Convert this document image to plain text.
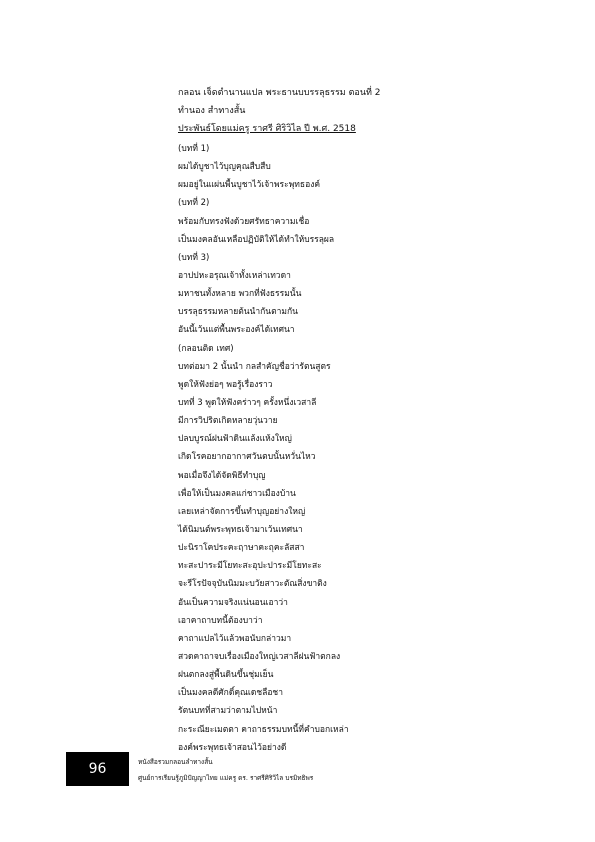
กลอน เจ็ดตำนานแปล พระธานบบรรลุธรรม ตอนที่ 2
ทำนอง สำทางสั้น
ประพันธ์โดยแม่ครู ราศรี ศิริวิไล ปี พ.ศ. 2518
(บทที่ 1)
ผมได้บูชาไว้บุญคุณสืบสืบ
ผมอยู่ในแผ่นพื้นบูชาไว้เจ้าพระพุทธองค์
(บทที่ 2)
พร้อมกับทรงฟังด้วยศรัทธาความเชื่อ
เป็นมงคลอันเหลือปฏิบัติให้ได้ทำให้บรรลุผล
(บทที่ 3)
อาปปหะอรุณเจ้าทั้งเหล่าเทวดา
มหาชนทั้งหลาย พวกที่ฟังธรรมนั้น
บรรลุธรรมหลายต้นนำกันตามกัน
อันนี้เว้นแต่พื้นพระองค์ได้เทศนา
(กลอนติด เทศ)
บทต่อมา 2 นั้นนำ กลสำคัญชื่อว่ารัตนสูตร
พูดให้ฟังย่อๆ พอรู้เรื่องราว
บทที่ 3 พูดให้ฟังคร่าวๆ ครั้งหนึ่งเวสาลี
มีการวิปริตเกิดหลายวุ่นวาย
ปลบบูรณ์ฝนฟ้าดินแล้งแห้งใหญ่
เกิดโรคอยากอากาศวันตบนั้นหวั่นไหว
พอเมื่อจึงได้จัดพิธีทำบุญ
เพื่อให้เป็นมงคลแก่ชาวเมืองบ้าน
เลยเหล่าจัดการขึ้นทำบุญอย่างใหญ่
ได้นิมนต์พระพุทธเจ้ามาเว้นเทศนา
ปะนิราโคประคะฤาษาคะถุคะลัสสา
ทะสะปาระมีโยทะสะอุปะปาระมีโยทะสะ
จะรีโรปัจจุบันนิมมะบวัยสาวะตัณสิ่งขาติง
อันเป็นความจริงแน่นอนเอาว่า
เอาคาถาบทนี้ต้องบาว่า
คาถาแปลไว้แล้วพอนับกล่าวมา
สวดคาถาจบเรื่องเมืองใหญ่เวสาลีฝนฟ้าตกลง
ฝนตกลงสู่พื้นดินขึ้นชุ่มเย็น
เป็นมงคลดีศักดิ์คุณเดชลือชา
รัตนบทที่สามว่าตามไปหน้า
กะระณียะเมตตา คาถาธรรมบทนี้ที่คำบอกเหล่า
องค์พระพุทธเจ้าสอนไว้อย่างดี
96	หนังสือรวมกลอนลำทางสั้น
ศูนย์การเรียนรู้ภูมิปัญญาไทย แม่ครู ดร. ราศรีศิริวิไล บรมิทธิพร
